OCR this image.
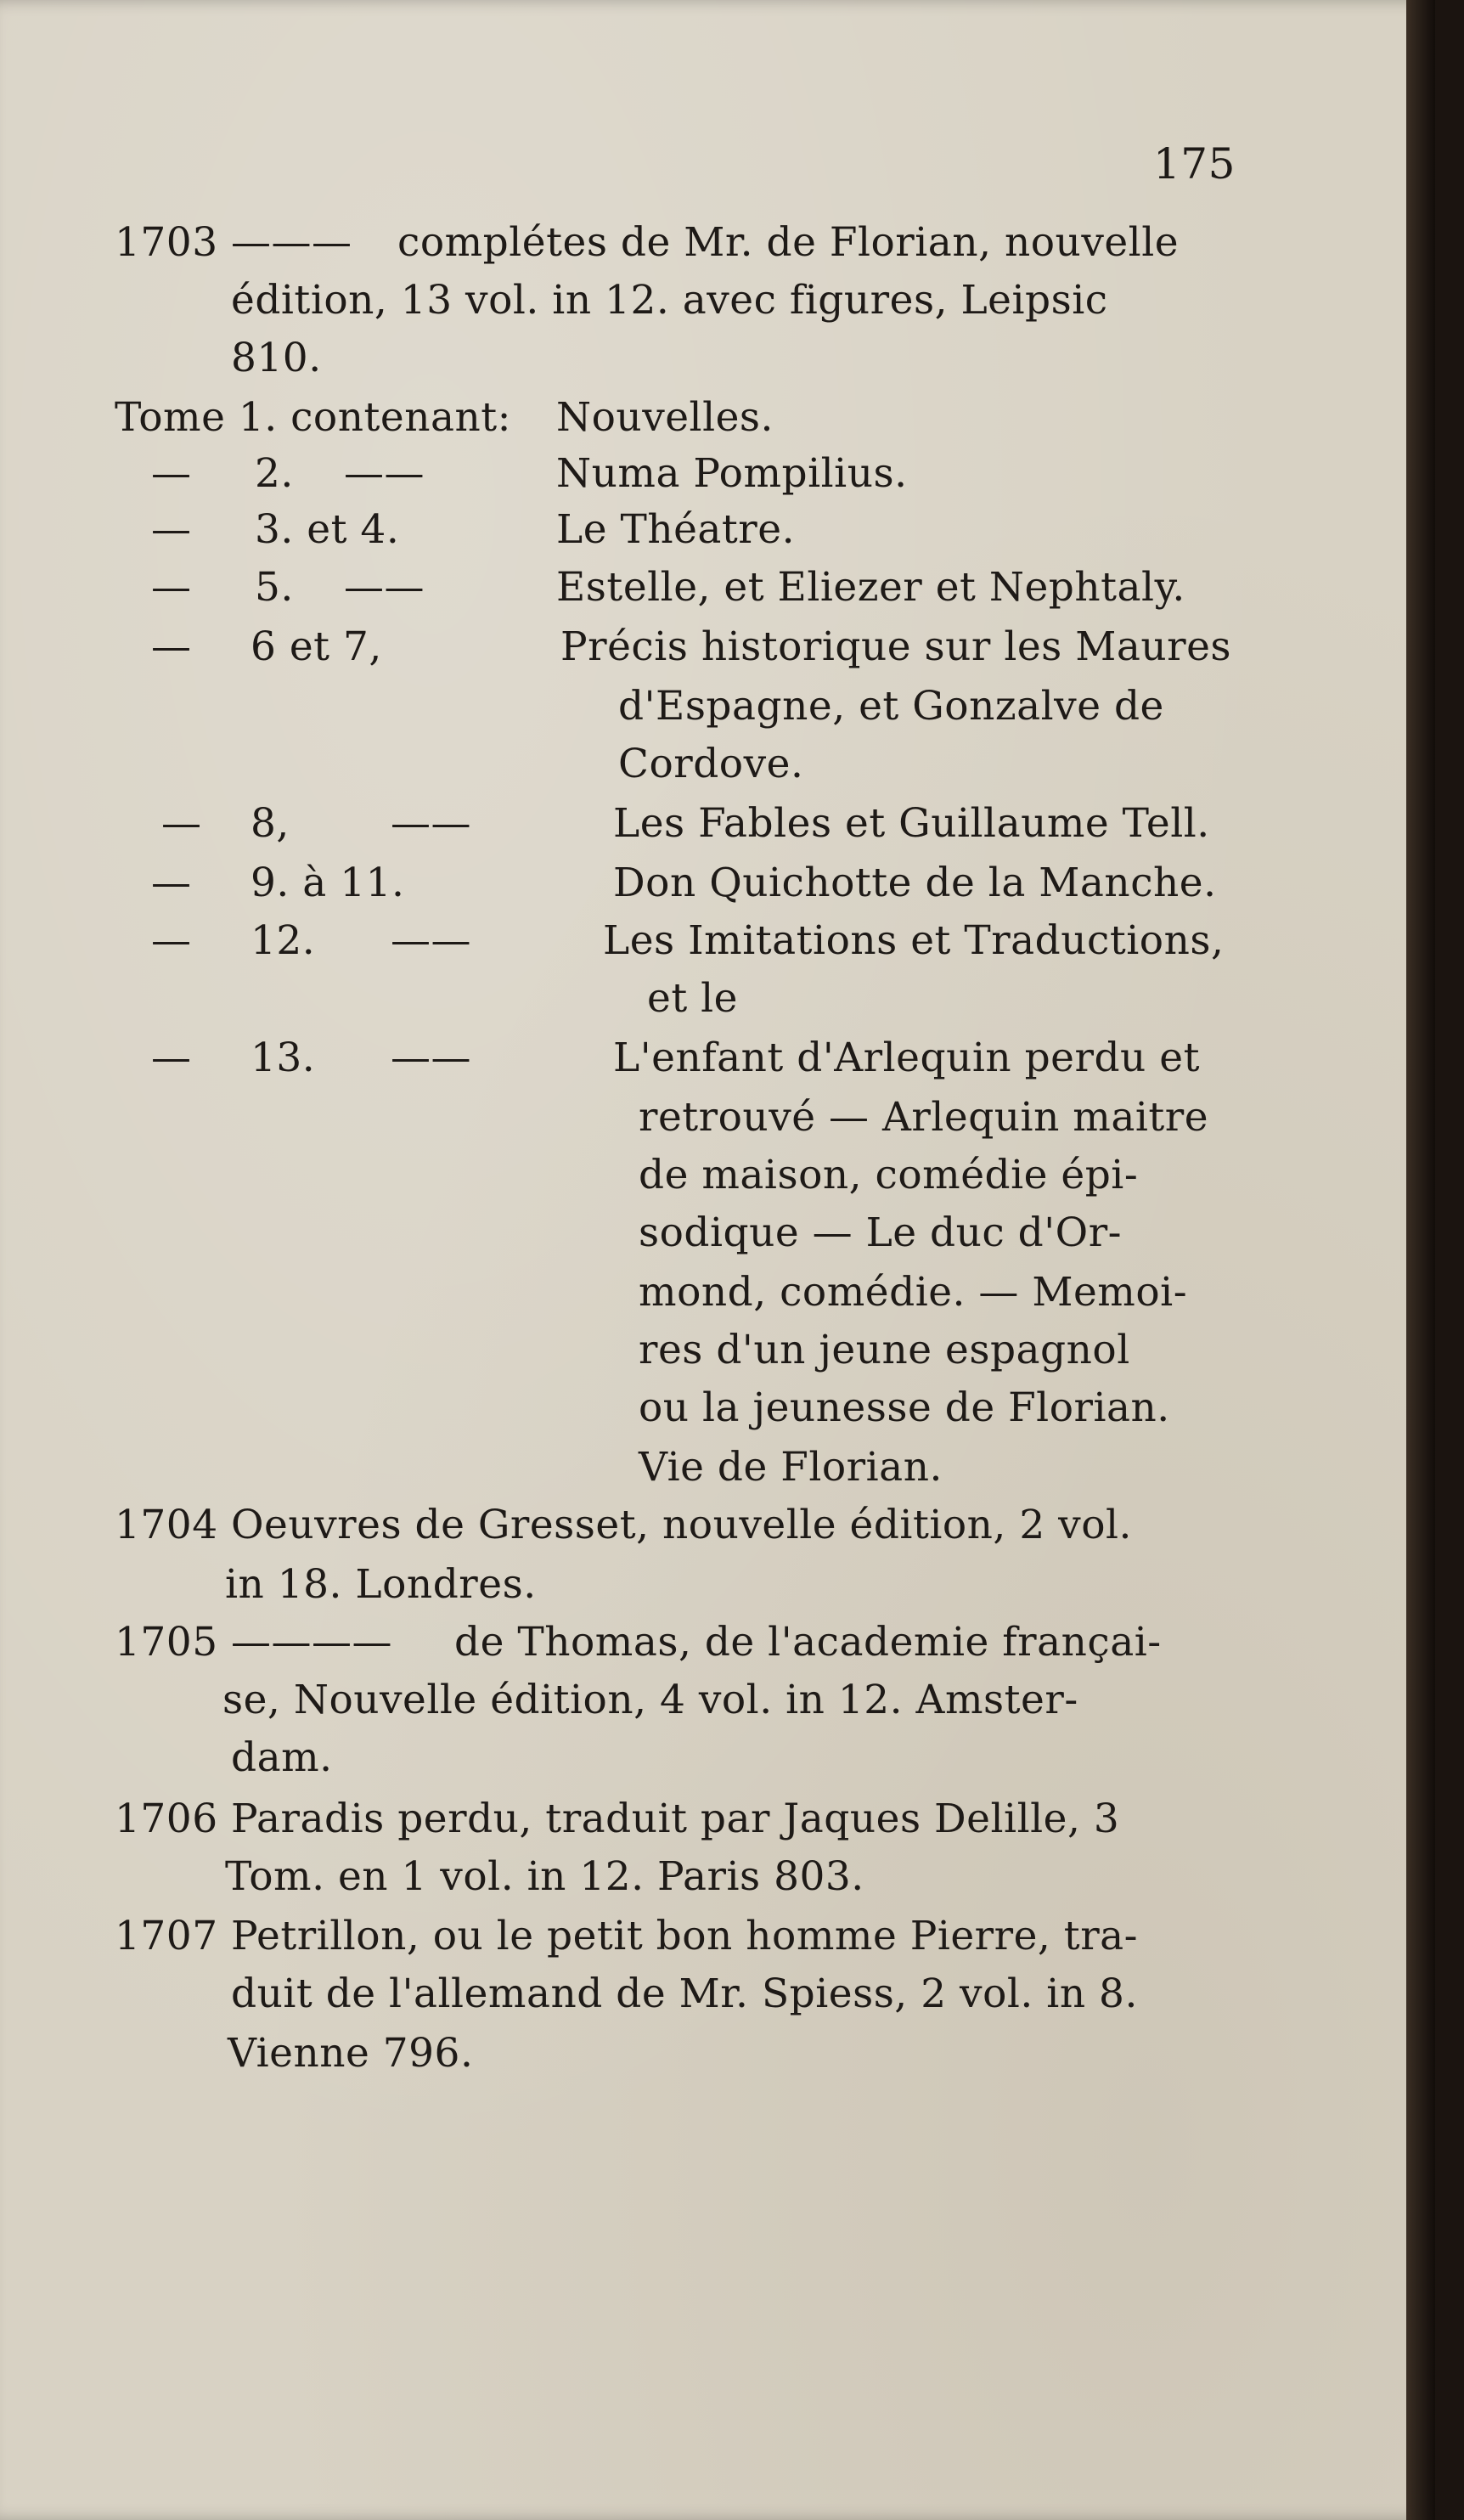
175
1703 ——— complétes de Mr. de Florian, nouvelle
édition, 13 vol. in 12. avec figures, Leipsic
810.
Tome 1. contenant: Nouvelles.
— 2. ——	Numa Pompilius.
— 3. et 4.	Le Théatre.
— 5. ——	Estelle, et Eliezer et Nephtaly.
— 6 et 7,	Précis historique sur les Maures
d'Espagne, et Gonzalve de
Cordove.
— 8,	——	Les Fables et Guillaume Tell.
— 9. à 11.	Don Quichotte de la Manche.
— 12. ——	Les Imitations et Traductions,
et le
— 13. ——	L'enfant d'Arlequin perdu et
retrouvé — Arlequin maitre
de maison, comédie épi-
sodique — Le duc d'Or-
mond, comédie. — Memoi-
res d'un jeune espagnol
ou la jeunesse de Florian.
Vie de Florian.
1704 Oeuvres de Gresset, nouvelle édition, 2 vol.
in 18. Londres.
1705 ———— de Thomas, de l'academie françai-
se, Nouvelle édition, 4 vol. in 12. Amster-
dam.
1706 Paradis perdu, traduit par Jaques Delille, 3
Tom. en 1 vol. in 12. Paris 803.
1707 Petrillon, ou le petit bon homme Pierre, tra-
duit de l'allemand de Mr. Spiess, 2 vol. in 8.
Vienne 796.
